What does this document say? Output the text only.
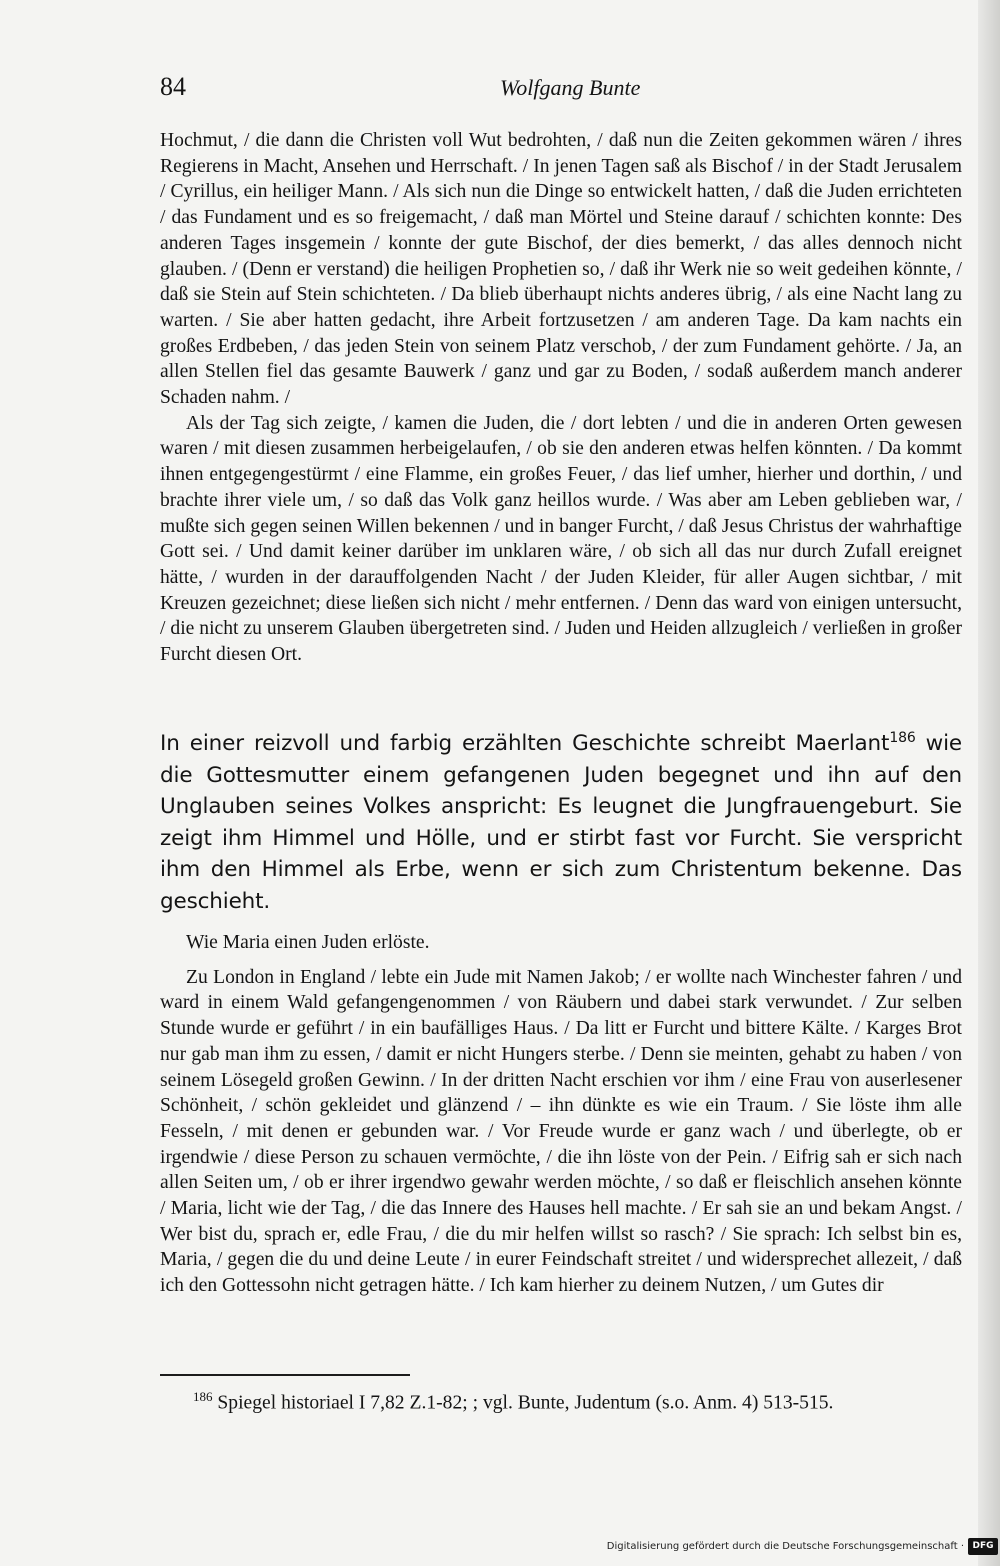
84	Wolfgang Bunte

Hochmut, / die dann die Christen voll Wut bedrohten, / daß nun die Zeiten gekommen wären / ihres Regierens in Macht, Ansehen und Herrschaft. / In jenen Tagen saß als Bischof / in der Stadt Jerusalem / Cyrillus, ein heiliger Mann. / Als sich nun die Dinge so entwickelt hatten, / daß die Juden errichteten / das Fundament und es so freigemacht, / daß man Mörtel und Steine darauf / schichten konnte: Des anderen Tages insgemein / konnte der gute Bischof, der dies bemerkt, / das alles dennoch nicht glauben. / (Denn er verstand) die heiligen Prophetien so, / daß ihr Werk nie so weit gedeihen könnte, / daß sie Stein auf Stein schichteten. / Da blieb überhaupt nichts anderes übrig, / als eine Nacht lang zu warten. / Sie aber hatten gedacht, ihre Arbeit fortzusetzen / am anderen Tage. Da kam nachts ein großes Erdbeben, / das jeden Stein von seinem Platz verschob, / der zum Fundament gehörte. / Ja, an allen Stellen fiel das gesamte Bauwerk / ganz und gar zu Boden, / sodaß außerdem manch anderer Schaden nahm. /

Als der Tag sich zeigte, / kamen die Juden, die / dort lebten / und die in anderen Orten gewesen waren / mit diesen zusammen herbeigelaufen, / ob sie den anderen etwas helfen könnten. / Da kommt ihnen entgegengestürmt / eine Flamme, ein großes Feuer, / das lief umher, hierher und dorthin, / und brachte ihrer viele um, / so daß das Volk ganz heillos wurde. / Was aber am Leben geblieben war, / mußte sich gegen seinen Willen bekennen / und in banger Furcht, / daß Jesus Christus der wahrhaftige Gott sei. / Und damit keiner darüber im unklaren wäre, / ob sich all das nur durch Zufall ereignet hätte, / wurden in der darauffolgenden Nacht / der Juden Kleider, für aller Augen sichtbar, / mit Kreuzen gezeichnet; diese ließen sich nicht / mehr entfernen. / Denn das ward von einigen untersucht, / die nicht zu unserem Glauben übergetreten sind. / Juden und Heiden allzugleich / verließen in großer Furcht diesen Ort.

In einer reizvoll und farbig erzählten Geschichte schreibt Maerlant$^{186}$ wie die Gottesmutter einem gefangenen Juden begegnet und ihn auf den Unglauben seines Volkes anspricht: Es leugnet die Jungfrauengeburt. Sie zeigt ihm Himmel und Hölle, und er stirbt fast vor Furcht. Sie verspricht ihm den Himmel als Erbe, wenn er sich zum Christentum bekenne. Das geschieht.

Wie Maria einen Juden erlöste.

Zu London in England / lebte ein Jude mit Namen Jakob; / er wollte nach Winchester fahren / und ward in einem Wald gefangengenommen / von Räubern und dabei stark verwundet. / Zur selben Stunde wurde er geführt / in ein baufälliges Haus. / Da litt er Furcht und bittere Kälte. / Karges Brot nur gab man ihm zu essen, / damit er nicht Hungers sterbe. / Denn sie meinten, gehabt zu haben / von seinem Lösegeld großen Gewinn. / In der dritten Nacht erschien vor ihm / eine Frau von auserlesener Schönheit, / schön gekleidet und glänzend / – ihn dünkte es wie ein Traum. / Sie löste ihm alle Fesseln, / mit denen er gebunden war. / Vor Freude wurde er ganz wach / und überlegte, ob er irgendwie / diese Person zu schauen vermöchte, / die ihn löste von der Pein. / Eifrig sah er sich nach allen Seiten um, / ob er ihrer irgendwo gewahr werden möchte, / so daß er fleischlich ansehen könnte / Maria, licht wie der Tag, / die das Innere des Hauses hell machte. / Er sah sie an und bekam Angst. / Wer bist du, sprach er, edle Frau, / die du mir helfen willst so rasch? / Sie sprach: Ich selbst bin es, Maria, / gegen die du und deine Leute / in eurer Feindschaft streitet / und widersprechet allezeit, / daß ich den Gottessohn nicht getragen hätte. / Ich kam hierher zu deinem Nutzen, / um Gutes dir

$^{186}$ Spiegel historiael I 7,82 Z.1-82; ; vgl. Bunte, Judentum (s.o. Anm. 4) 513-515.
Digitalisierung gefördert durch die Deutsche Forschungsgemeinschaft · DFG
